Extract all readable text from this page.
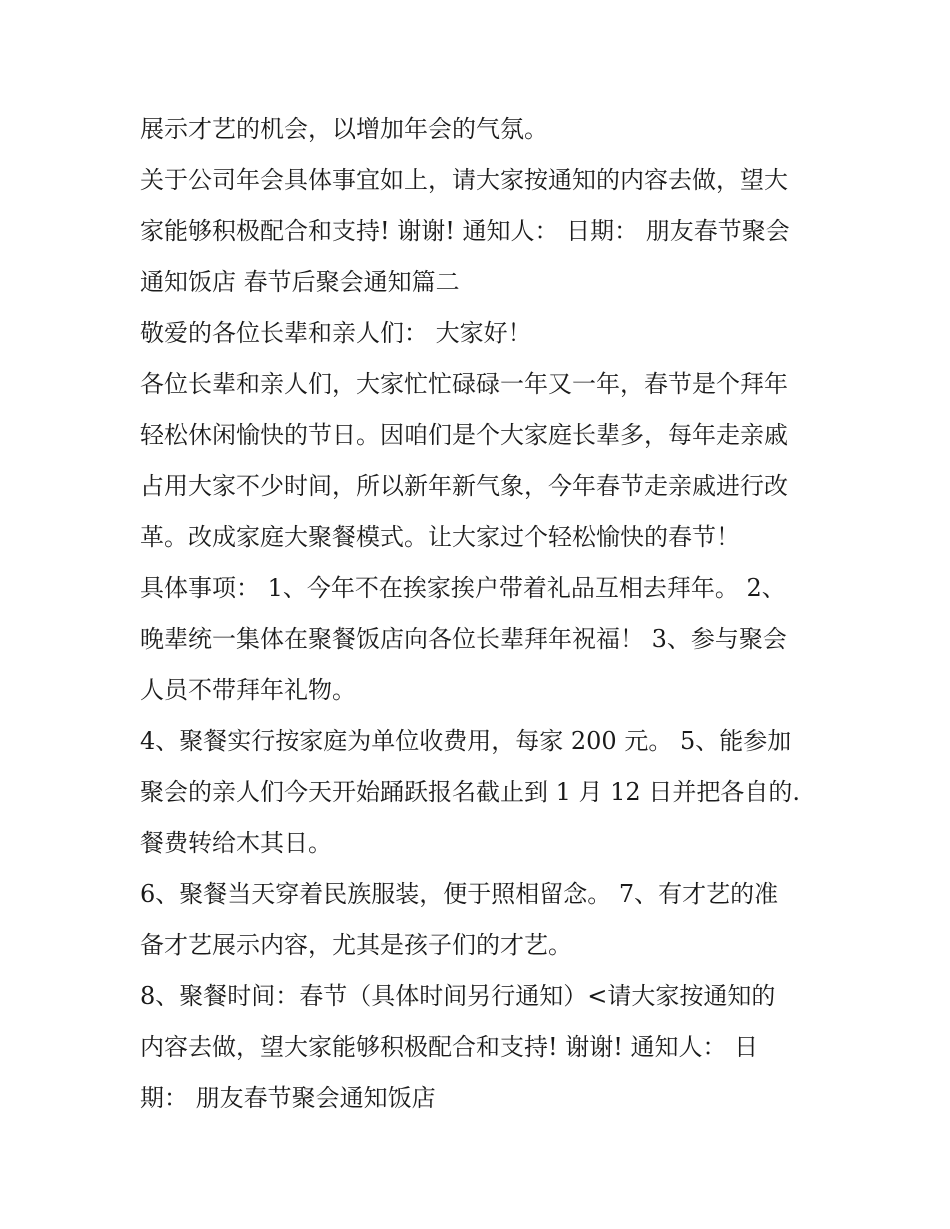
展示才艺的机会，以增加年会的气氛。
关于公司年会具体事宜如上，请大家按通知的内容去做，望大
家能够积极配合和支持! 谢谢! 通知人： 日期： 朋友春节聚会
通知饭店 春节后聚会通知篇二
敬爱的各位长辈和亲人们： 大家好！
各位长辈和亲人们，大家忙忙碌碌一年又一年，春节是个拜年
轻松休闲愉快的节日。因咱们是个大家庭长辈多，每年走亲戚
占用大家不少时间，所以新年新气象，今年春节走亲戚进行改
革。改成家庭大聚餐模式。让大家过个轻松愉快的春节！
具体事项： 1、今年不在挨家挨户带着礼品互相去拜年。 2、
晚辈统一集体在聚餐饭店向各位长辈拜年祝福！ 3、参与聚会
人员不带拜年礼物。
4、聚餐实行按家庭为单位收费用，每家 200 元。 5、能参加
聚会的亲人们今天开始踊跃报名截止到 1 月 12 日并把各自的.
餐费转给木其日。
6、聚餐当天穿着民族服装，便于照相留念。 7、有才艺的准
备才艺展示内容，尤其是孩子们的才艺。
8、聚餐时间：春节（具体时间另行通知）<请大家按通知的
内容去做，望大家能够积极配合和支持! 谢谢! 通知人： 日
期： 朋友春节聚会通知饭店
